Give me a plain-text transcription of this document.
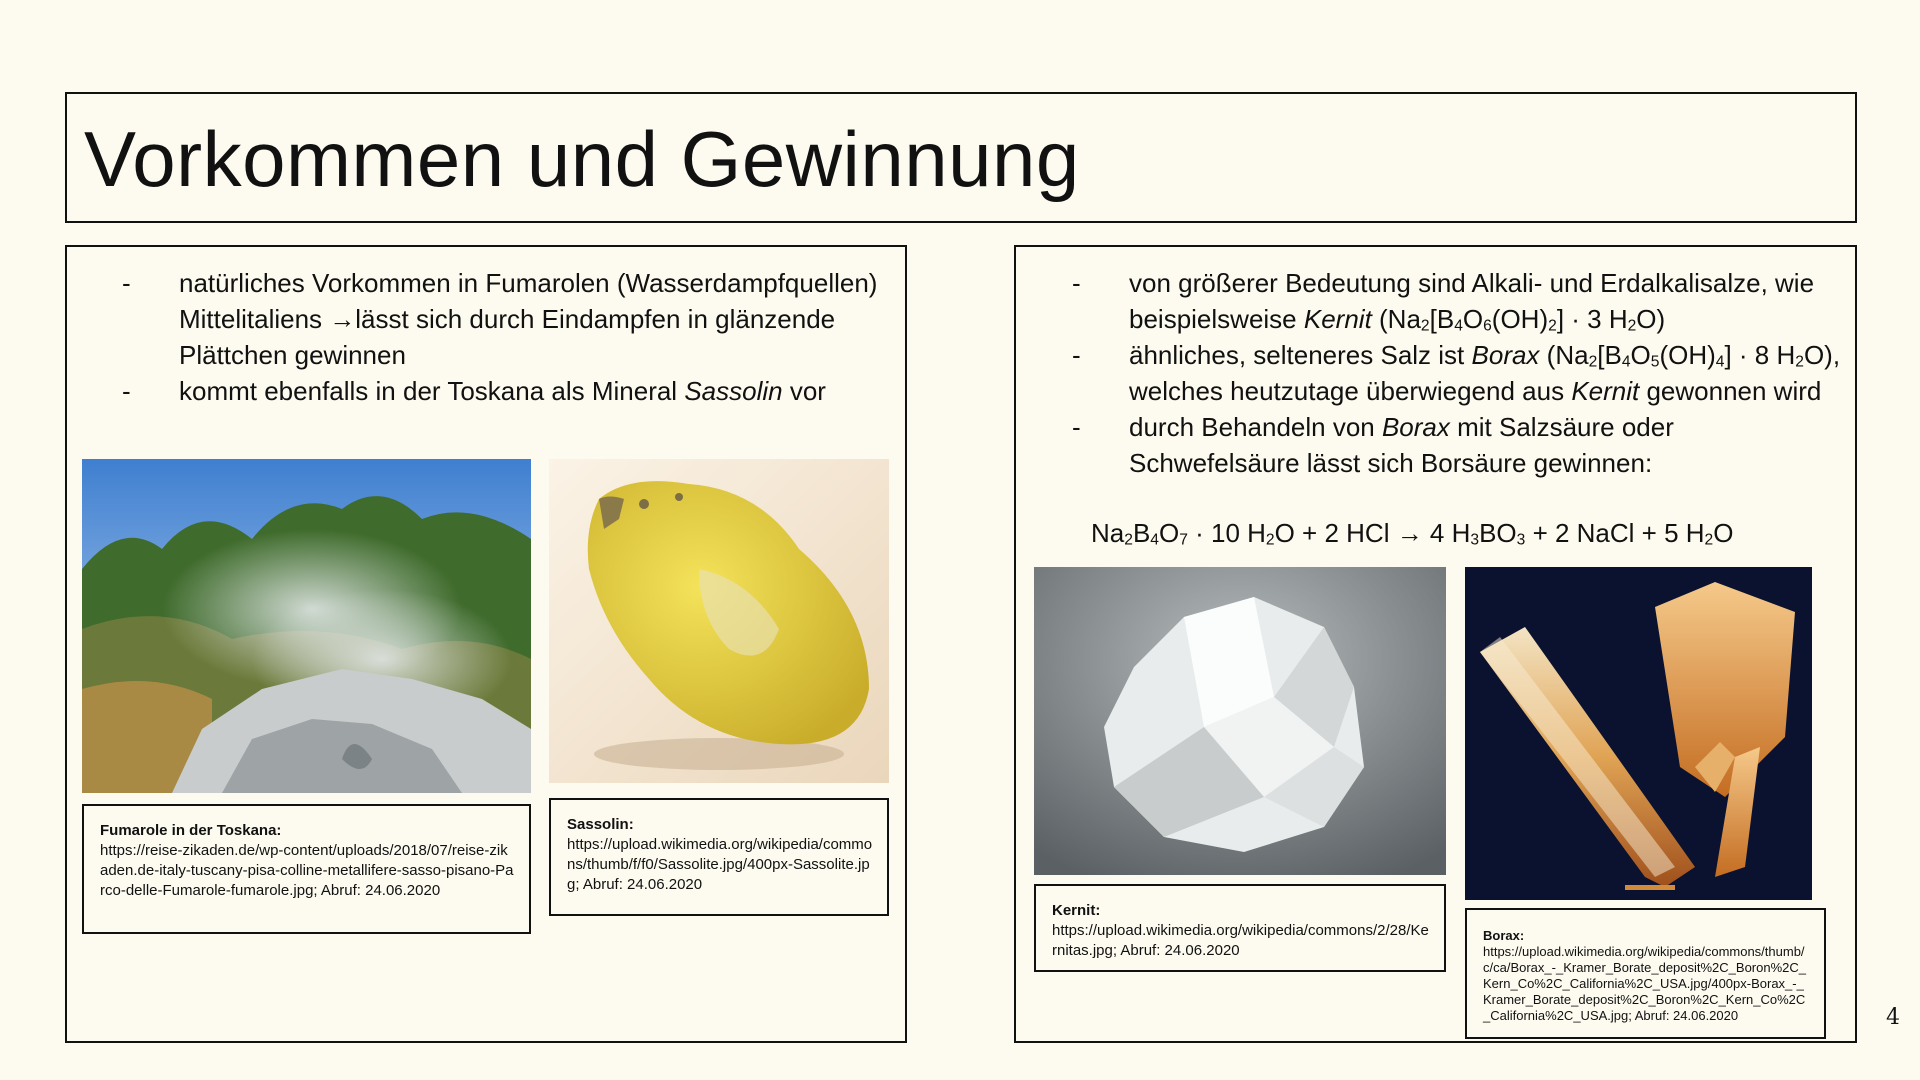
Vorkommen und Gewinnung
- natürliches Vorkommen in Fumarolen (Wasserdampfquellen) Mittelitaliens →lässt sich durch Eindampfen in glänzende Plättchen gewinnen
- kommt ebenfalls in der Toskana als Mineral Sassolin vor
Fumarole in der Toskana:
https://reise-zikaden.de/wp-content/uploads/2018/07/reise-zikaden.de-italy-tuscany-pisa-colline-metallifere-sasso-pisano-Parco-delle-Fumarole-fumarole.jpg; Abruf: 24.06.2020
Sassolin:
https://upload.wikimedia.org/wikipedia/commons/thumb/f/f0/Sassolite.jpg/400px-Sassolite.jpg; Abruf: 24.06.2020
- von größerer Bedeutung sind Alkali- und Erdalkalisalze, wie beispielsweise Kernit ($Na_2[B_4O_6(OH)_2] \cdot 3$ $H_2O$)
- ähnliches, selteneres Salz ist Borax ($Na_2[B_4O_5(OH)_4] \cdot 8$ $H_2O$), welches heutzutage überwiegend aus Kernit gewonnen wird
- durch Behandeln von Borax mit Salzsäure oder Schwefelsäure lässt sich Borsäure gewinnen:
$Na_2B_4O_7 \cdot 10$ $H_2O + 2$ HCl → 4 $H_3BO_3 + 2$ NaCl + 5 $H_2O$
Kernit:
https://upload.wikimedia.org/wikipedia/commons/2/28/Kernitas.jpg; Abruf: 24.06.2020
Borax:
https://upload.wikimedia.org/wikipedia/commons/thumb/c/ca/Borax_-_Kramer_Borate_deposit%2C_Boron%2C_Kern_Co%2C_California%2C_USA.jpg/400px-Borax_-_Kramer_Borate_deposit%2C_Boron%2C_Kern_Co%2C_California%2C_USA.jpg; Abruf: 24.06.2020	4
